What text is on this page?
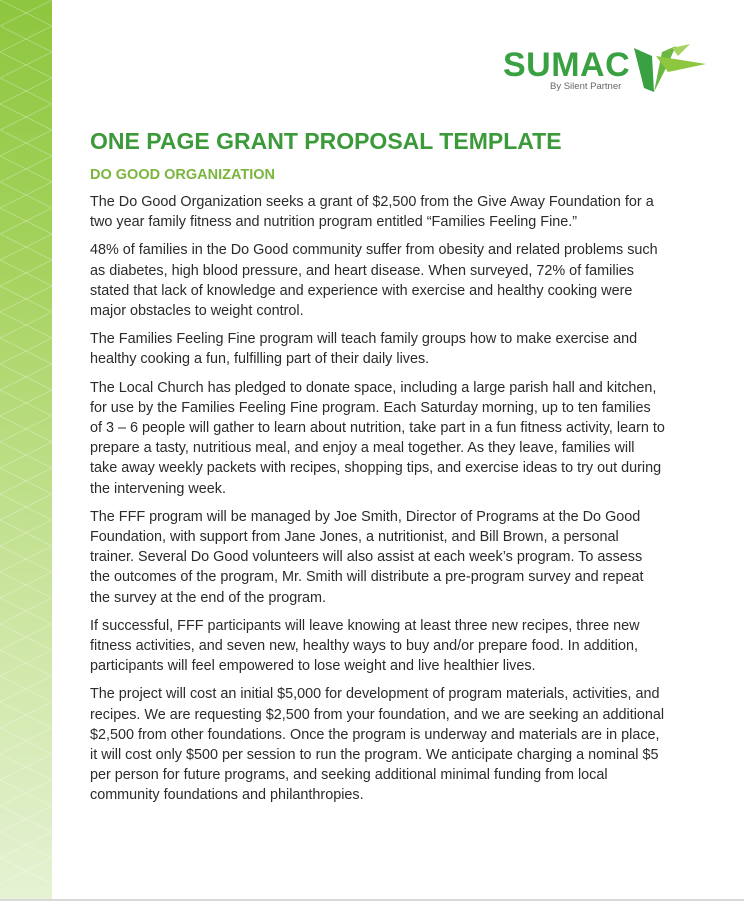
SUMAC
By Silent Partner
ONE PAGE GRANT PROPOSAL TEMPLATE
DO GOOD ORGANIZATION

The Do Good Organization seeks a grant of $2,500 from the Give Away Foundation for a two year family fitness and nutrition program entitled “Families Feeling Fine.”

48% of families in the Do Good community suffer from obesity and related problems such as diabetes, high blood pressure, and heart disease. When surveyed, 72% of families stated that lack of knowledge and experience with exercise and healthy cooking were major obstacles to weight control.

The Families Feeling Fine program will teach family groups how to make exercise and healthy cooking a fun, fulfilling part of their daily lives.

The Local Church has pledged to donate space, including a large parish hall and kitchen, for use by the Families Feeling Fine program. Each Saturday morning, up to ten families of 3 – 6 people will gather to learn about nutrition, take part in a fun fitness activity, learn to prepare a tasty, nutritious meal, and enjoy a meal together. As they leave, families will take away weekly packets with recipes, shopping tips, and exercise ideas to try out during the intervening week.

The FFF program will be managed by Joe Smith, Director of Programs at the Do Good Foundation, with support from Jane Jones, a nutritionist, and Bill Brown, a personal trainer. Several Do Good volunteers will also assist at each week’s program. To assess the outcomes of the program, Mr. Smith will distribute a pre-program survey and repeat the survey at the end of the program.

If successful, FFF participants will leave knowing at least three new recipes, three new fitness activities, and seven new, healthy ways to buy and/or prepare food. In addition, participants will feel empowered to lose weight and live healthier lives.

The project will cost an initial $5,000 for development of program materials, activities, and recipes. We are requesting $2,500 from your foundation, and we are seeking an additional $2,500 from other foundations. Once the program is underway and materials are in place, it will cost only $500 per session to run the program. We anticipate charging a nominal $5 per person for future programs, and seeking additional minimal funding from local community foundations and philanthropies.
